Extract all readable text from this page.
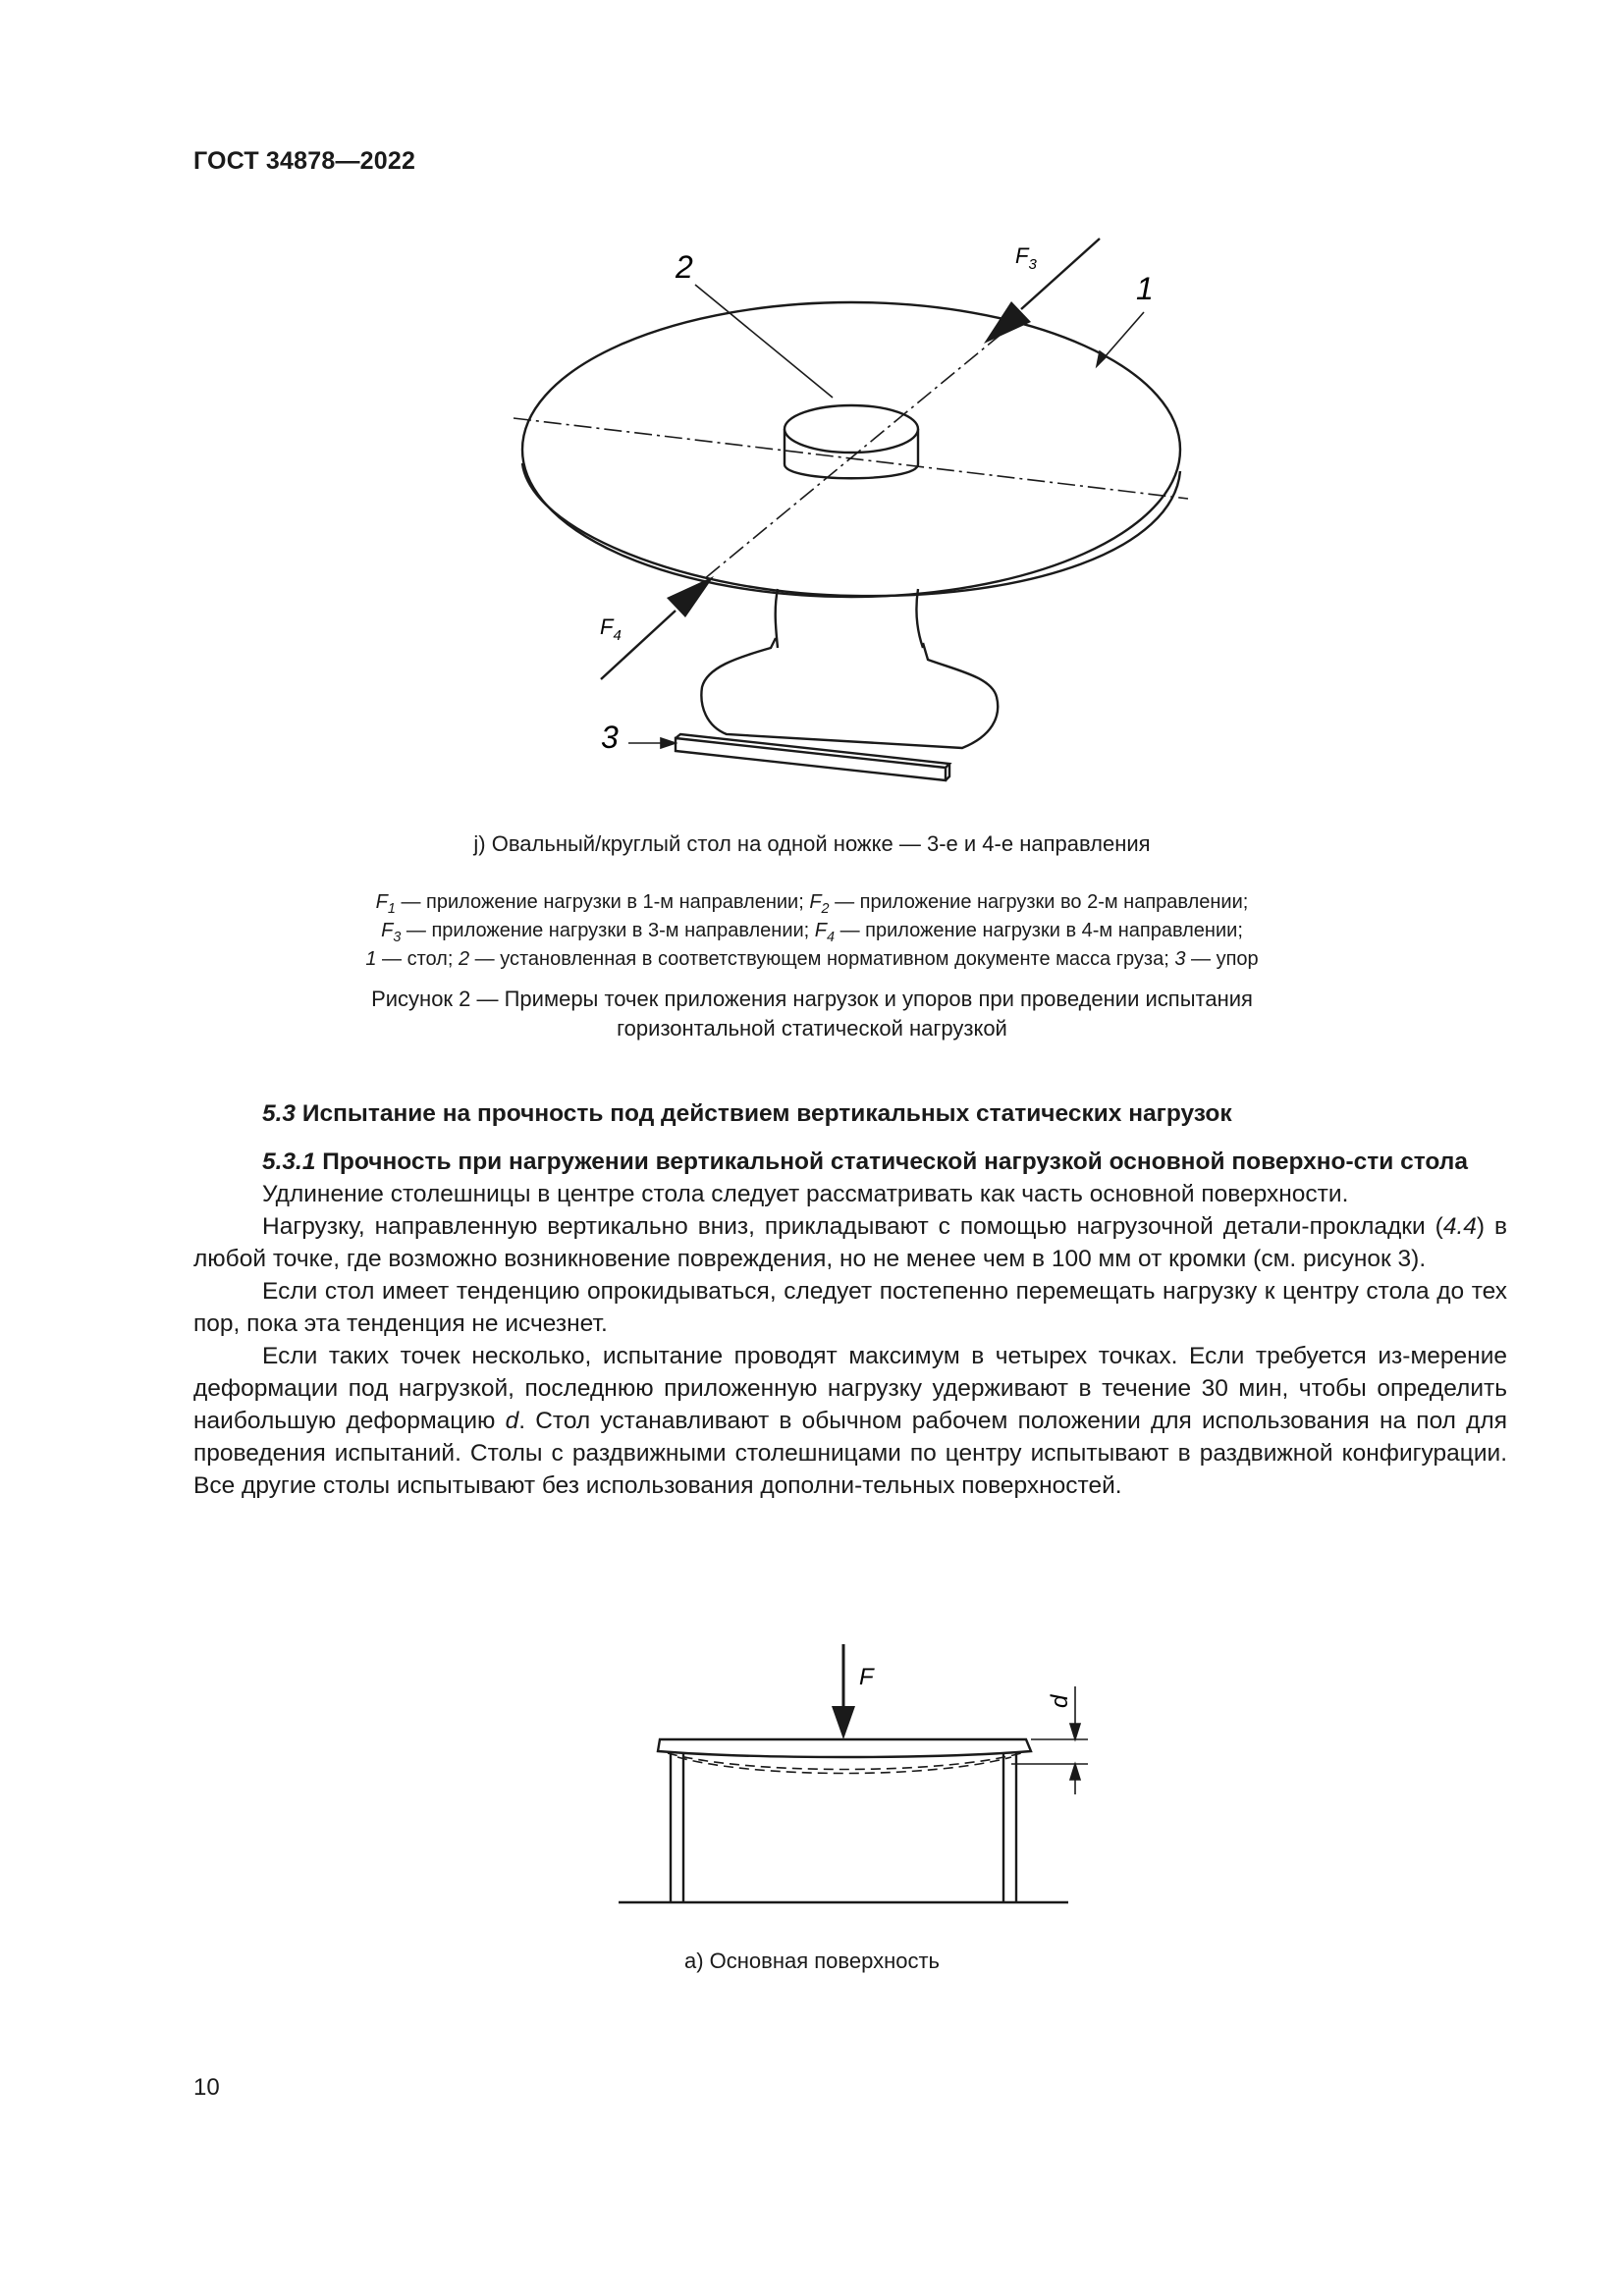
ГОСТ 34878—2022
2
1
3
$F_3$
$F_4$
j) Овальный/круглый стол на одной ножке — 3-е и 4-е направления
$F_1$ — приложение нагрузки в 1-м направлении; $F_2$ — приложение нагрузки во 2-м направлении;
$F_3$ — приложение нагрузки в 3-м направлении; $F_4$ — приложение нагрузки в 4-м направлении;
1 — стол; 2 — установленная в соответствующем нормативном документе масса груза; 3 — упор
Рисунок 2 — Примеры точек приложения нагрузок и упоров при проведении испытания
горизонтальной статической нагрузкой

5.3 Испытание на прочность под действием вертикальных статических нагрузок

5.3.1 Прочность при нагружении вертикальной статической нагрузкой основной поверхно-сти стола

Удлинение столешницы в центре стола следует рассматривать как часть основной поверхности.

Нагрузку, направленную вертикально вниз, прикладывают с помощью нагрузочной детали-прокладки (4.4) в любой точке, где возможно возникновение повреждения, но не менее чем в 100 мм от кромки (см. рисунок 3).

Если стол имеет тенденцию опрокидываться, следует постепенно перемещать нагрузку к центру стола до тех пор, пока эта тенденция не исчезнет.

Если таких точек несколько, испытание проводят максимум в четырех точках. Если требуется из-мерение деформации под нагрузкой, последнюю приложенную нагрузку удерживают в течение 30 мин, чтобы определить наибольшую деформацию d. Стол устанавливают в обычном рабочем положении для использования на пол для проведения испытаний. Столы с раздвижными столешницами по центру испытывают в раздвижной конфигурации. Все другие столы испытывают без использования дополни-тельных поверхностей.

F
d
а) Основная поверхность
10
